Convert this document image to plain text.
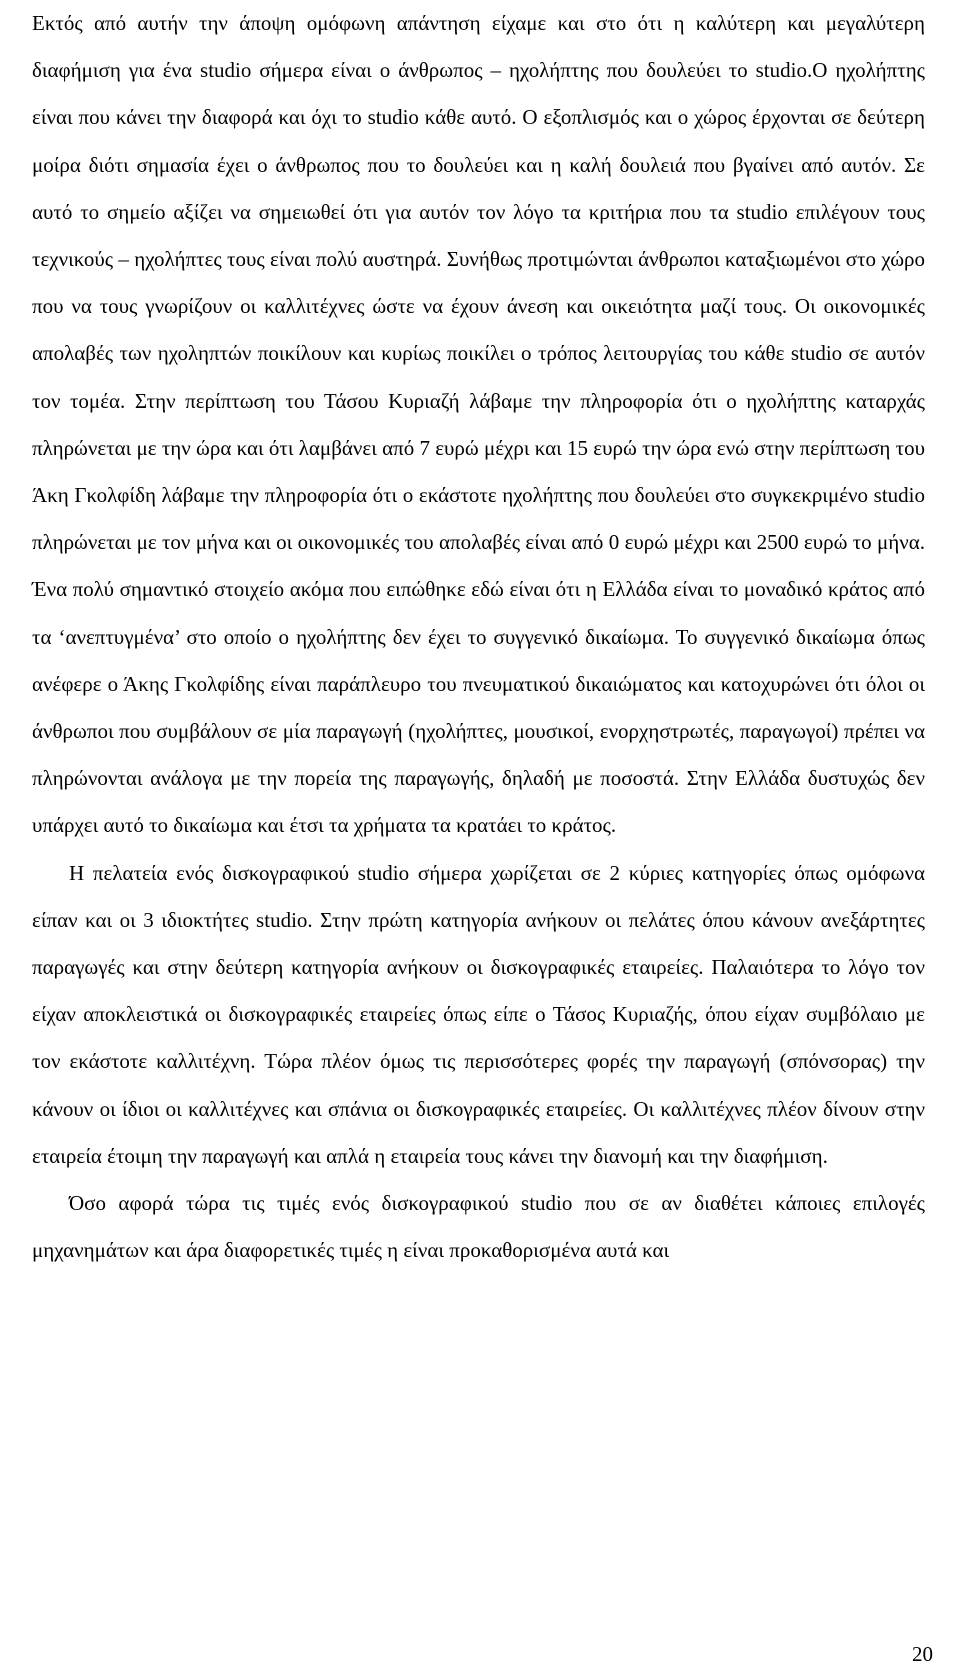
Εκτός από αυτήν την άποψη ομόφωνη απάντηση είχαμε και στο ότι η καλύτερη και μεγαλύτερη διαφήμιση για ένα studio σήμερα είναι ο άνθρωπος – ηχολήπτης που δουλεύει το studio.Ο ηχολήπτης είναι που κάνει την διαφορά και όχι το studio κάθε αυτό. Ο εξοπλισμός και ο χώρος έρχονται σε δεύτερη μοίρα διότι σημασία έχει ο άνθρωπος που το δουλεύει και η καλή δουλειά που βγαίνει από αυτόν. Σε αυτό το σημείο αξίζει να σημειωθεί ότι για αυτόν τον λόγο τα κριτήρια που τα studio επιλέγουν τους τεχνικούς – ηχολήπτες τους είναι πολύ αυστηρά. Συνήθως προτιμώνται άνθρωποι καταξιωμένοι στο χώρο που να τους γνωρίζουν οι καλλιτέχνες ώστε να έχουν άνεση και οικειότητα μαζί τους. Οι οικονομικές απολαβές των ηχοληπτών ποικίλουν και κυρίως ποικίλει ο τρόπος λειτουργίας του κάθε studio σε αυτόν τον τομέα. Στην περίπτωση του Τάσου Κυριαζή λάβαμε την πληροφορία ότι ο ηχολήπτης καταρχάς πληρώνεται με την ώρα και ότι λαμβάνει από 7 ευρώ μέχρι και 15 ευρώ την ώρα ενώ στην περίπτωση του Άκη Γκολφίδη λάβαμε την πληροφορία ότι ο εκάστοτε ηχολήπτης που δουλεύει στο συγκεκριμένο studio πληρώνεται με τον μήνα και οι οικονομικές του απολαβές είναι από 0 ευρώ μέχρι και 2500 ευρώ το μήνα. Ένα πολύ σημαντικό στοιχείο ακόμα που ειπώθηκε εδώ είναι ότι η Ελλάδα είναι το μοναδικό κράτος από τα ‘ανεπτυγμένα’ στο οποίο ο ηχολήπτης δεν έχει το συγγενικό δικαίωμα. Το συγγενικό δικαίωμα όπως ανέφερε ο Άκης Γκολφίδης είναι παράπλευρο του πνευματικού δικαιώματος και κατοχυρώνει ότι όλοι οι άνθρωποι που συμβάλουν σε μία παραγωγή (ηχολήπτες, μουσικοί, ενορχηστρωτές, παραγωγοί) πρέπει να πληρώνονται ανάλογα με την πορεία της παραγωγής, δηλαδή με ποσοστά. Στην Ελλάδα δυστυχώς δεν υπάρχει αυτό το δικαίωμα και έτσι τα χρήματα τα κρατάει το κράτος.

Η πελατεία ενός δισκογραφικού studio σήμερα χωρίζεται σε 2 κύριες κατηγορίες όπως ομόφωνα είπαν και οι 3 ιδιοκτήτες studio. Στην πρώτη κατηγορία ανήκουν οι πελάτες όπου κάνουν ανεξάρτητες παραγωγές και στην δεύτερη κατηγορία ανήκουν οι δισκογραφικές εταιρείες. Παλαιότερα το λόγο τον είχαν αποκλειστικά οι δισκογραφικές εταιρείες όπως είπε ο Τάσος Κυριαζής, όπου είχαν συμβόλαιο με τον εκάστοτε καλλιτέχνη. Τώρα πλέον όμως τις περισσότερες φορές την παραγωγή (σπόνσορας) την κάνουν οι ίδιοι οι καλλιτέχνες και σπάνια οι δισκογραφικές εταιρείες. Οι καλλιτέχνες πλέον δίνουν στην εταιρεία έτοιμη την παραγωγή και απλά η εταιρεία τους κάνει την διανομή και την διαφήμιση.

Όσο αφορά τώρα τις τιμές ενός δισκογραφικού studio που σε αν διαθέτει κάποιες επιλογές μηχανημάτων και άρα διαφορετικές τιμές η είναι προκαθορισμένα αυτά και

20
